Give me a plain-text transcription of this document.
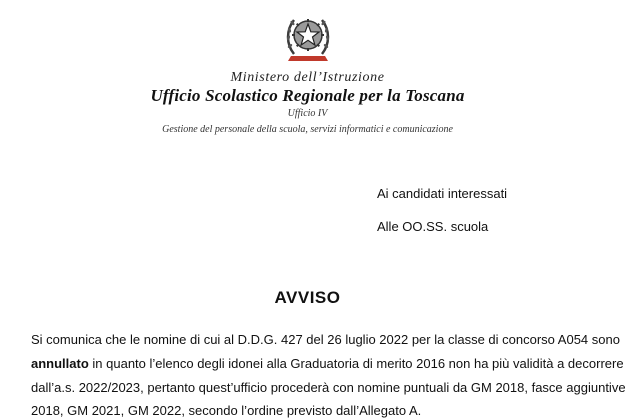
Ministero dell’Istruzione
Ufficio Scolastico Regionale per la Toscana
Ufficio IV
Gestione del personale della scuola, servizi informatici e comunicazione
Ai candidati interessati
Alle OO.SS. scuola
AVVISO
Si comunica che le nomine di cui al D.D.G. 427 del 26 luglio 2022 per la classe di concorso A054 sono
annullato in quanto l’elenco degli idonei alla Graduatoria di merito 2016 non ha più validità a decorrere
dall’a.s. 2022/2023, pertanto quest’ufficio procederà con nomine puntuali da GM 2018, fasce aggiuntive
2018, GM 2021, GM 2022, secondo l’ordine previsto dall’Allegato A.
